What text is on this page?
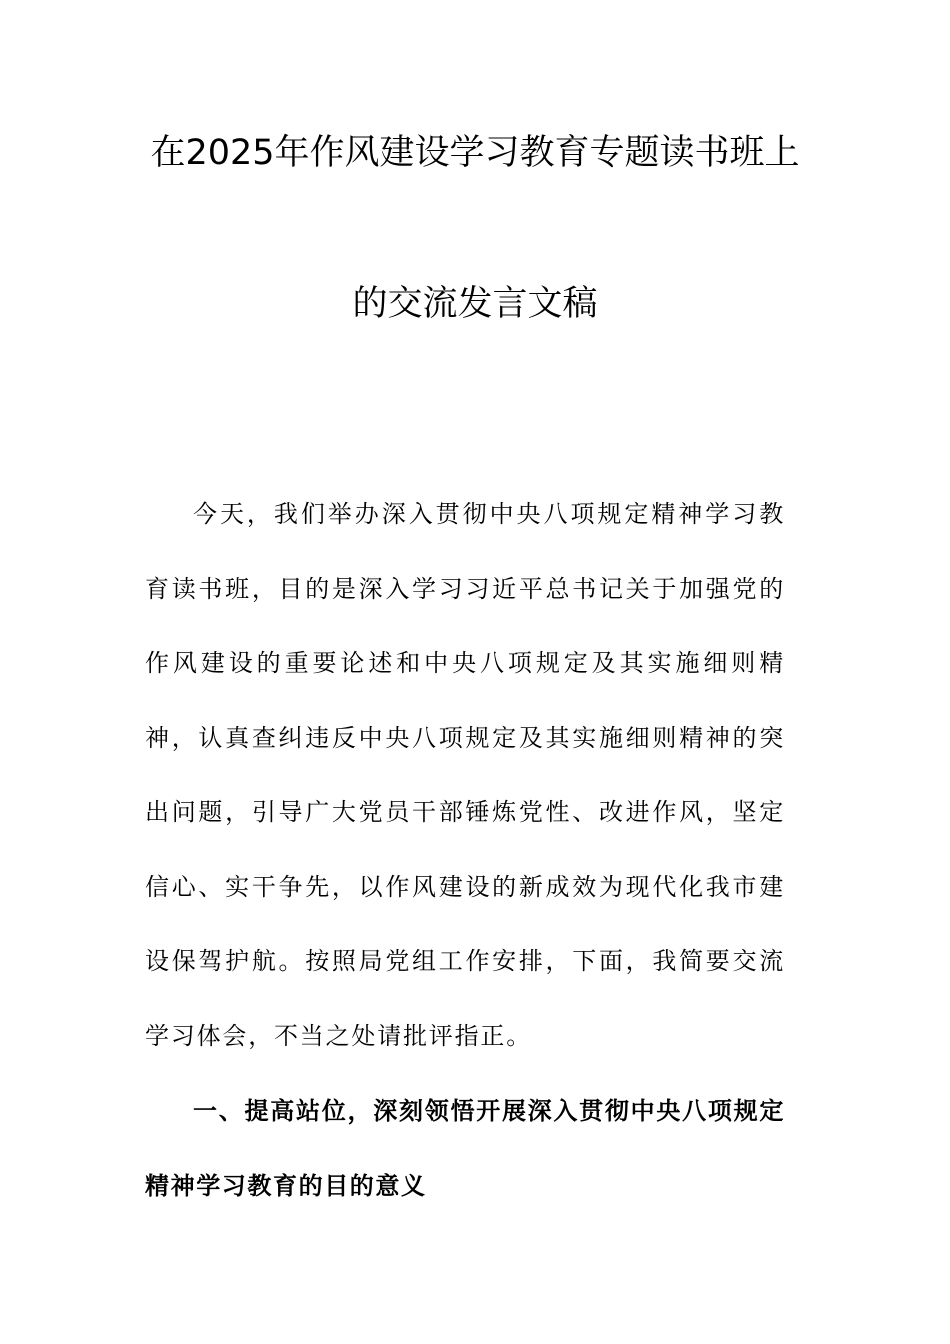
在2025年作风建设学习教育专题读书班上
的交流发言文稿

今天，我们举办深入贯彻中央八项规定精神学习教育读书班，目的是深入学习习近平总书记关于加强党的作风建设的重要论述和中央八项规定及其实施细则精神，认真查纠违反中央八项规定及其实施细则精神的突出问题，引导广大党员干部锤炼党性、改进作风，坚定信心、实干争先，以作风建设的新成效为现代化我市建设保驾护航。按照局党组工作安排，下面，我简要交流学习体会，不当之处请批评指正。

一、提高站位，深刻领悟开展深入贯彻中央八项规定精神学习教育的目的意义
